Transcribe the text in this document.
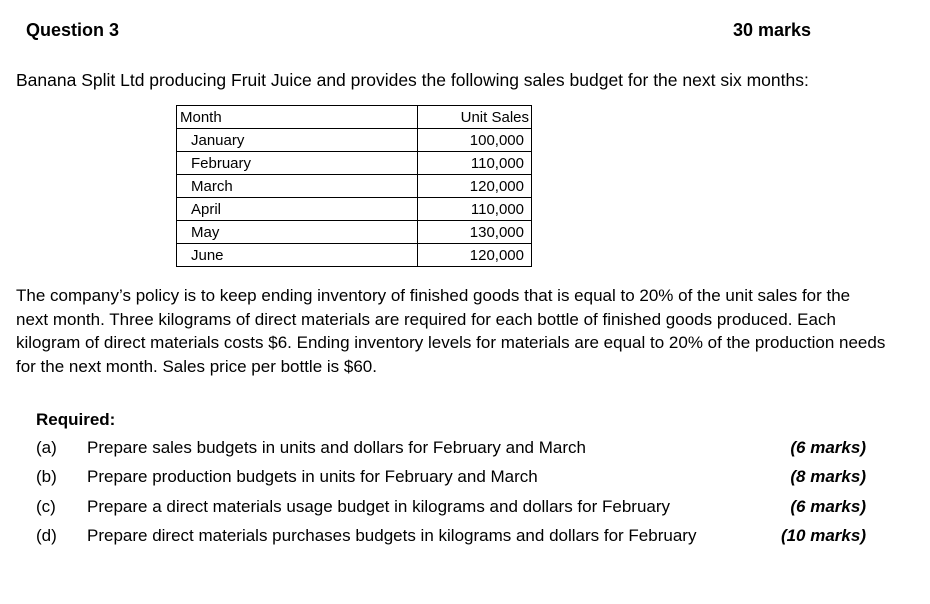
Question 3	30 marks
Banana Split Ltd producing Fruit Juice and provides the following sales budget for the next six months:
Month	Unit Sales
January	100,000
February	110,000
March	120,000
April	110,000
May	130,000
June	120,000
The company’s policy is to keep ending inventory of finished goods that is equal to 20% of the unit sales for the next month. Three kilograms of direct materials are required for each bottle of finished goods produced. Each kilogram of direct materials costs $6. Ending inventory levels for materials are equal to 20% of the production needs for the next month. Sales price per bottle is $60.
Required:
(a) Prepare sales budgets in units and dollars for February and March	(6 marks)
(b) Prepare production budgets in units for February and March	(8 marks)
(c) Prepare a direct materials usage budget in kilograms and dollars for February	(6 marks)
(d) Prepare direct materials purchases budgets in kilograms and dollars for February	(10 marks)
